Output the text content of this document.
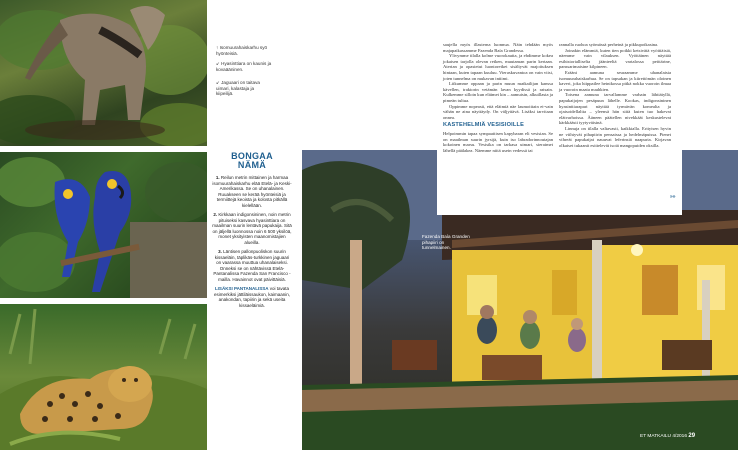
↑ Isomuurahaiskarhu syö hyönteisiä.
↙ Hyasinttiara on kaunis ja kovaääninen.
↙ Jaguaari on taitava uimari, kalastaja ja kiipeilijä.
BONGAA
NÄMÄ

1. Reilun metrin mittainen ja harmaa isomuurahaiskarhu elää Etelä- ja Keski-Amerikassa. Se on uhanalainen. Ruuakseen se kerää hyönteisiä ja termiittejä keoista ja kolosta pitkällä kielellään.

2. Kirkkaan indigonsininen, noin metrin pituiseksi kasvava hyasinttiara on maailman suurin lentävä papukaija. Sitä on jäljellä luonnossa noin 6 500 yksilöä, monet yksityisten maanomistajien alueilla.

3. Läntisen pallonpuoliskon suurin kissaeläin, täplikäs-turkkinen jaguaari on vaarassa muuttua uhanalaiseksi. Onneksi se on nähtävissä Etelä-Pantanalissa Fazenda San Francisco -mailla. Havainnot ovat päivittäisiä.

LISÄKSI PANTANALISSA voi tavata esimerkiksi jättiläissaukon, kaimaanin, anakondan, tapiirin ja sekä useita kissaeläimiä.

Fazenda Baía Granden pihapiiri on tunnelmainen.

saujella myös illasterna luonnua. Näin tehdään myös majapaikassamme Fazenda Baía Grandessa.

Ylivymme tilalla kolme vuorokautta, ja ehdimme kokea jokaisen tarjolla olevan retken, muutaman parin kertaan. Aterian ja opastetut luontoretket sisältyvät majoituksen hintaan, kuten tapaan kuuluu. Vieraskuvantoa on vain viisi, joten tunnelma on mukavan intiimi.

Liikumme oppaan ja parin muun matkailijan kanssa kävellen, traktorin vetämän lavan kyydissä ja ratsain. Kulkemme silloin kun eläimet kin – aamuisin, alkuillasta ja pimeän tultua.

Oppimme nopeasti, että eläimiä näe laumoittain ei-vain vähän ne aina näyttäydy. On väljyttävä. Lisäksi tarvitaan onnea.

KASTEHELMIÄ VESISIOILLE

Helpoimmin tapaa sympaattisen kapybaran eli vesisian. Se on maailman suurin jyrsijä, kuin iso labradorinnoutajan kokoinen marsu. Vesisika on tarkasa uimari, sieraimet lähellä päälakea. Näemme niitä usein vedessä tai

rannalla ruohoa syömässä perheinä ja pikkupoikasina.

Joinakin elämmiä, kuten tien poikki ketsivätä vyöttiäisiä, näemme vain vilauksen. Vyöttäinen näyttää esihistorialliselta jäänteeltä vartalossa peittärine, panssarimaisine kilpineen.

Erääni aamuna seuraamme uhanalaista isomuurahaiskarhua. Se on tapsakan ja kiirettömän oloinen kaveri, joka hiippailee heinikossa pitkä nokka vuoroin ilmaa ja vuoroin maata nuuhkien.

Toisena aamuna tarvallamme varhain lähtiätyllä, papukaijojen pesäpuun lähelle. Kookas, indigonsininen hyasinttiarapari näyttää tyrmävän komealta ja ojaisoidellaltta – yleensä hän siitä kuten tuo hakevat elätvarhoissa. Ääneen päätellen nivekkäät keskustelevat kärkkäästi tyytyväisinä.

Linnuja on tilalla valtavasti, kaikkialla. Erityisen hyvin ne viihtyvät pihapiirin pensaissa ja hedelmäpuissa. Pienet vihreät papukaijat nauuvat leferinsiä naapuria. Kirjavan olkaiset tukaanit esittelevät isoiä mangopuiden oksilla.

»»
ET MATKAILU 4/2016 29
